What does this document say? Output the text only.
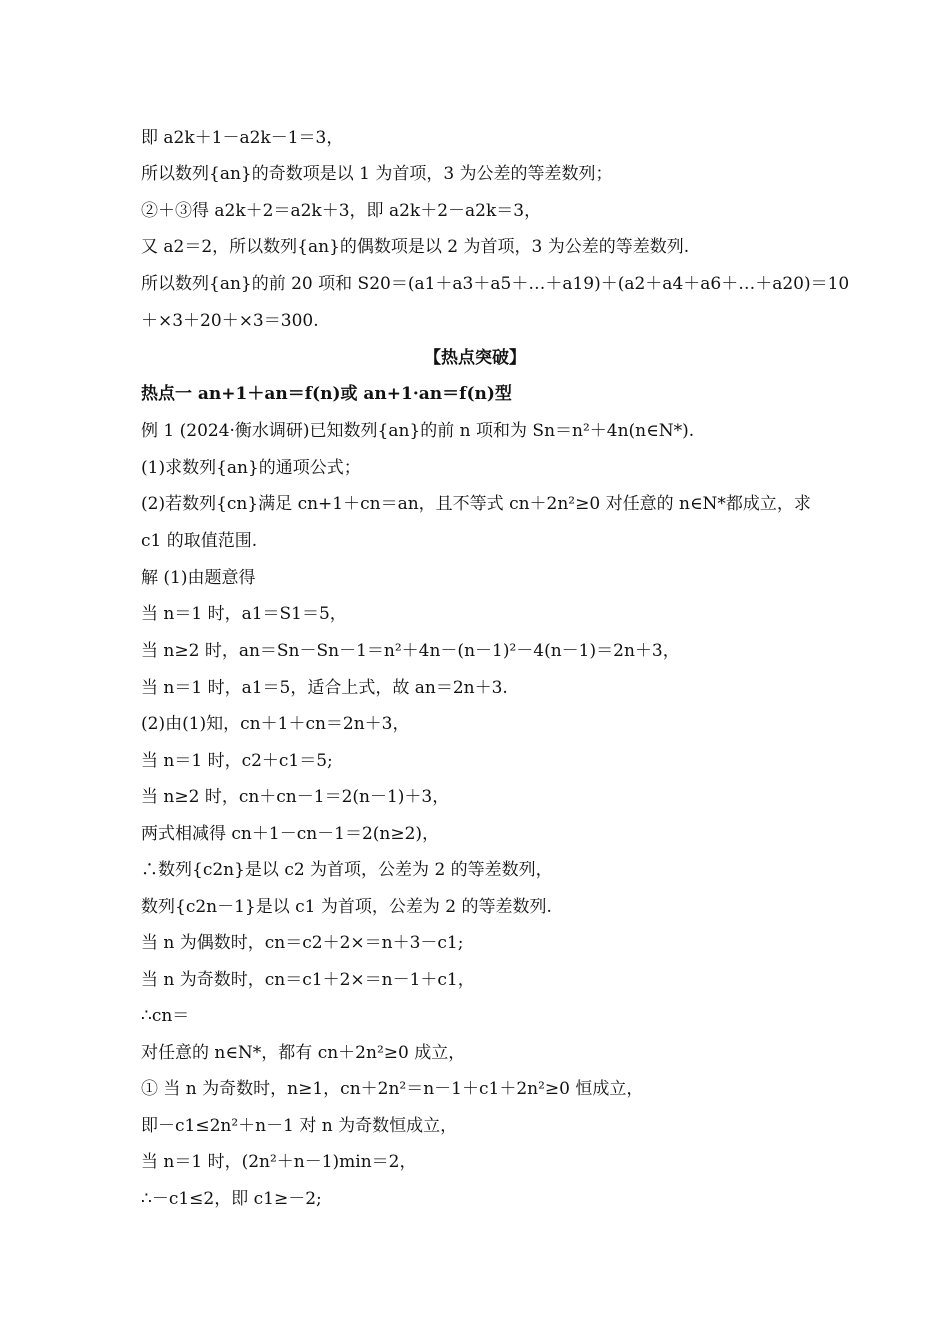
即 a2k＋1－a2k－1＝3，
所以数列{an}的奇数项是以 1 为首项，3 为公差的等差数列；
②＋③得 a2k＋2＝a2k＋3，即 a2k＋2－a2k＝3，
又 a2＝2，所以数列{an}的偶数项是以 2 为首项，3 为公差的等差数列.
所以数列{an}的前 20 项和 S20＝(a1＋a3＋a5＋…＋a19)＋(a2＋a4＋a6＋…＋a20)＝10
＋×3＋20＋×3＝300.
【热点突破】
热点一 an+1＋an＝f(n)或 an+1·an＝f(n)型
例 1 (2024·衡水调研)已知数列{an}的前 n 项和为 Sn＝n²＋4n(n∈N*).
(1)求数列{an}的通项公式；
(2)若数列{cn}满足 cn+1＋cn＝an，且不等式 cn＋2n²≥0 对任意的 n∈N*都成立，求
c1 的取值范围.
解 (1)由题意得
当 n＝1 时，a1＝S1＝5，
当 n≥2 时，an＝Sn－Sn－1＝n²＋4n－(n－1)²－4(n－1)＝2n＋3，
当 n＝1 时，a1＝5，适合上式，故 an＝2n＋3.
(2)由(1)知，cn＋1＋cn＝2n＋3，
当 n＝1 时，c2＋c1＝5;
当 n≥2 时，cn＋cn－1＝2(n－1)＋3，
两式相减得 cn＋1－cn－1＝2(n≥2)，
∴数列{c2n}是以 c2 为首项，公差为 2 的等差数列，
数列{c2n－1}是以 c1 为首项，公差为 2 的等差数列.
当 n 为偶数时，cn＝c2＋2×＝n＋3－c1;
当 n 为奇数时，cn＝c1＋2×＝n－1＋c1，
∴cn＝
对任意的 n∈N*，都有 cn＋2n²≥0 成立，
① 当 n 为奇数时，n≥1，cn＋2n²＝n－1＋c1＋2n²≥0 恒成立，
即－c1≤2n²＋n－1 对 n 为奇数恒成立，
当 n＝1 时，(2n²＋n－1)min＝2，
∴－c1≤2，即 c1≥－2;
